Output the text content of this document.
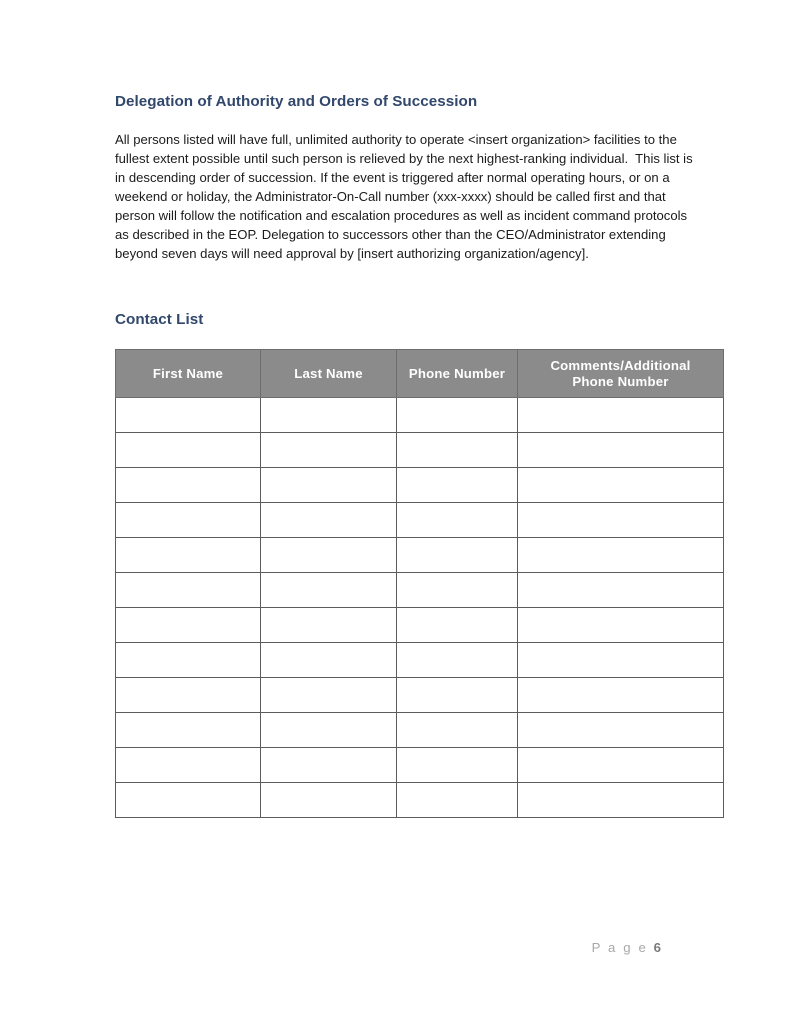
Delegation of Authority and Orders of Succession
All persons listed will have full, unlimited authority to operate <insert organization> facilities to the fullest extent possible until such person is relieved by the next highest-ranking individual.  This list is in descending order of succession. If the event is triggered after normal operating hours, or on a weekend or holiday, the Administrator-On-Call number (xxx-xxxx) should be called first and that person will follow the notification and escalation procedures as well as incident command protocols as described in the EOP. Delegation to successors other than the CEO/Administrator extending beyond seven days will need approval by [insert authorizing organization/agency].
Contact List
First Name	Last Name	Phone Number	Comments/Additional
Phone Number

P a g e 6
